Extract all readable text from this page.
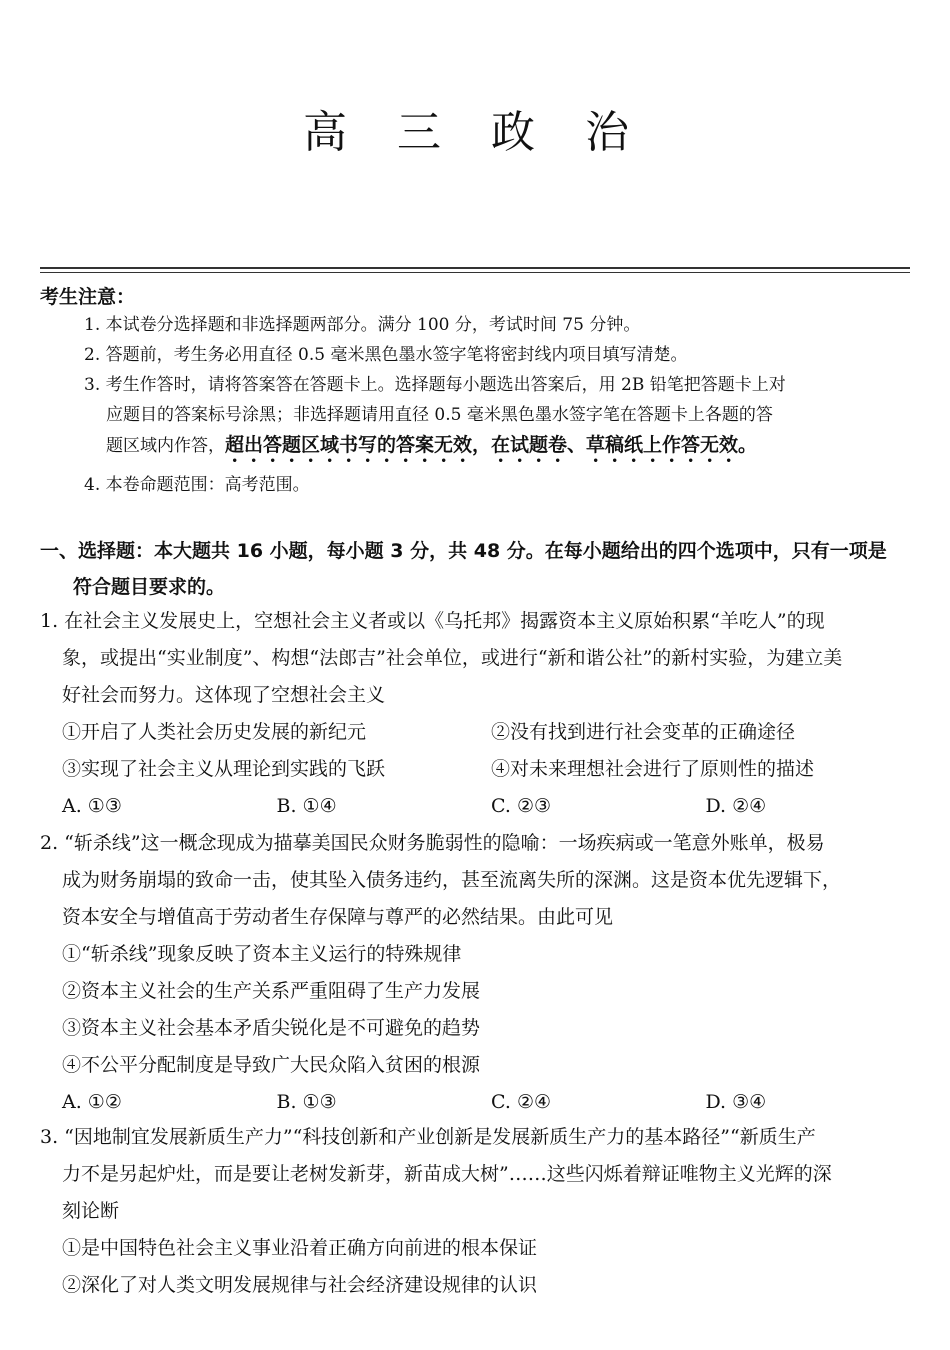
高 三 政 治
考生注意：
1. 本试卷分选择题和非选择题两部分。满分 100 分，考试时间 75 分钟。
2. 答题前，考生务必用直径 0.5 毫米黑色墨水签字笔将密封线内项目填写清楚。
3. 考生作答时，请将答案答在答题卡上。选择题每小题选出答案后，用 2B 铅笔把答题卡上对
应题目的答案标号涂黑；非选择题请用直径 0.5 毫米黑色墨水签字笔在答题卡上各题的答
题区域内作答，超出答题区域书写的答案无效，在试题卷、草稿纸上作答无效。
4. 本卷命题范围：高考范围。
一、选择题：本大题共 16 小题，每小题 3 分，共 48 分。在每小题给出的四个选项中，只有一项是
符合题目要求的。
1. 在社会主义发展史上，空想社会主义者或以《乌托邦》揭露资本主义原始积累“羊吃人”的现
象，或提出“实业制度”、构想“法郎吉”社会单位，或进行“新和谐公社”的新村实验，为建立美
好社会而努力。这体现了空想社会主义
①开启了人类社会历史发展的新纪元	②没有找到进行社会变革的正确途径
③实现了社会主义从理论到实践的飞跃	④对未来理想社会进行了原则性的描述
A. ①③	B. ①④	C. ②③	D. ②④
2. “斩杀线”这一概念现成为描摹美国民众财务脆弱性的隐喻：一场疾病或一笔意外账单，极易
成为财务崩塌的致命一击，使其坠入债务违约，甚至流离失所的深渊。这是资本优先逻辑下，
资本安全与增值高于劳动者生存保障与尊严的必然结果。由此可见
①“斩杀线”现象反映了资本主义运行的特殊规律
②资本主义社会的生产关系严重阻碍了生产力发展
③资本主义社会基本矛盾尖锐化是不可避免的趋势
④不公平分配制度是导致广大民众陷入贫困的根源
A. ①②	B. ①③	C. ②④	D. ③④
3. “因地制宜发展新质生产力”“科技创新和产业创新是发展新质生产力的基本路径”“新质生产
力不是另起炉灶，而是要让老树发新芽，新苗成大树”……这些闪烁着辩证唯物主义光辉的深
刻论断
①是中国特色社会主义事业沿着正确方向前进的根本保证
②深化了对人类文明发展规律与社会经济建设规律的认识
